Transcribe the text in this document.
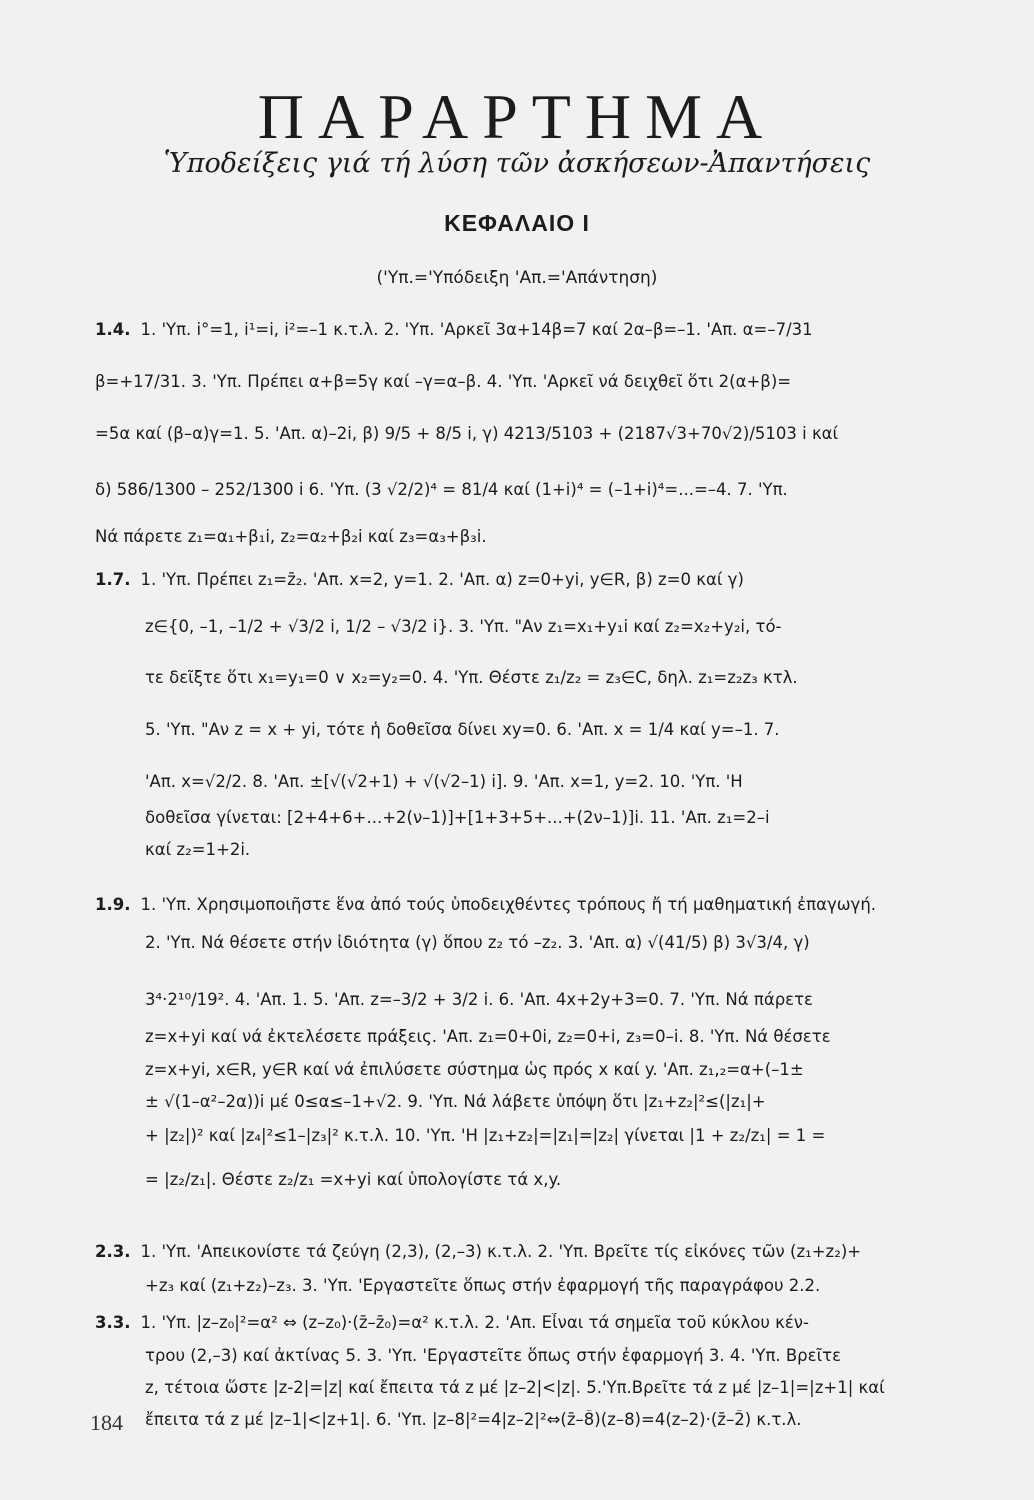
ΠΑΡΑΡΤΗΜΑ
Ὑποδείξεις γιά τή λύση τῶν ἀσκήσεων-Ἀπαντήσεις
ΚΕΦΑΛΑΙΟ Ι
('Υπ.='Υπόδειξη 'Απ.='Απάντηση)
1.4. 1. 'Υπ. i°=1, i¹=i, i²=–1 κ.τ.λ. 2. 'Υπ. 'Αρκεῖ 3α+14β=7 καί 2α–β=–1. 'Απ. α=–7/31
β=+17/31. 3. 'Υπ. Πρέπει α+β=5γ καί –γ=α–β. 4. 'Υπ. 'Αρκεῖ νά δειχθεῖ ὅτι 2(α+β)=
=5α καί (β–α)γ=1. 5. 'Απ. α)–2i, β) 9/5 + 8/5 i, γ) 4213/5103 + (2187√3+70√2)/5103 i καί
δ) 586/1300 – 252/1300 i 6. 'Υπ. (3 √2/2)⁴ = 81/4 καί (1+i)⁴ = (–1+i)⁴=...=–4. 7. 'Υπ.
Νά πάρετε z₁=α₁+β₁i, z₂=α₂+β₂i καί z₃=α₃+β₃i.
1.7. 1. 'Υπ. Πρέπει z₁=z̄₂. 'Απ. x=2, y=1. 2. 'Απ. α) z=0+yi, y∈R, β) z=0 καί γ)
z∈{0, –1, –1/2 + √3/2 i, 1/2 – √3/2 i}. 3. 'Υπ. "Αν z₁=x₁+y₁i καί z₂=x₂+y₂i, τό-
τε δεῖξτε ὅτι x₁=y₁=0 ∨ x₂=y₂=0. 4. 'Υπ. Θέστε z₁/z₂ = z₃∈C, δηλ. z₁=z₂z₃ κτλ.
5. 'Υπ. "Αν z = x + yi, τότε ἡ δοθεῖσα δίνει xy=0. 6. 'Απ. x = 1/4 καί y=–1. 7.
'Απ. x=√2/2. 8. 'Απ. ±[√(√2+1) + √(√2–1) i]. 9. 'Απ. x=1, y=2. 10. 'Υπ. 'Η
δοθεῖσα γίνεται: [2+4+6+...+2(ν–1)]+[1+3+5+...+(2ν–1)]i. 11. 'Απ. z₁=2–i
καί z₂=1+2i.
1.9. 1. 'Υπ. Χρησιμοποιῆστε ἕνα ἀπό τούς ὑποδειχθέντες τρόπους ἤ τή μαθηματική ἐπαγωγή.
2. 'Υπ. Νά θέσετε στήν ἰδιότητα (γ) ὅπου z₂ τό –z₂. 3. 'Απ. α) √(41/5) β) 3√3/4, γ)
3⁴·2¹⁰/19². 4. 'Απ. 1. 5. 'Απ. z=–3/2 + 3/2 i. 6. 'Απ. 4x+2y+3=0. 7. 'Υπ. Νά πάρετε
z=x+yi καί νά ἐκτελέσετε πράξεις. 'Απ. z₁=0+0i, z₂=0+i, z₃=0–i. 8. 'Υπ. Νά θέσετε
z=x+yi, x∈R, y∈R καί νά ἐπιλύσετε σύστημα ὡς πρός x καί y. 'Απ. z₁,₂=α+(–1±
± √(1–α²–2α))i μέ 0≤α≤–1+√2. 9. 'Υπ. Νά λάβετε ὑπόψη ὅτι |z₁+z₂|²≤(|z₁|+
+ |z₂|)² καί |z₄|²≤1–|z₃|² κ.τ.λ. 10. 'Υπ. 'Η |z₁+z₂|=|z₁|=|z₂| γίνεται |1 + z₂/z₁| = 1 =
= |z₂/z₁|. Θέστε z₂/z₁ =x+yi καί ὑπολογίστε τά x,y.
2.3. 1. 'Υπ. 'Απεικονίστε τά ζεύγη (2,3), (2,–3) κ.τ.λ. 2. 'Υπ. Βρεῖτε τίς εἰκόνες τῶν (z₁+z₂)+
+z₃ καί (z₁+z₂)–z₃. 3. 'Υπ. 'Εργαστεῖτε ὅπως στήν ἐφαρμογή τῆς παραγράφου 2.2.
3.3. 1. 'Υπ. |z–z₀|²=α² ⇔ (z–z₀)·(z̄–z̄₀)=α² κ.τ.λ. 2. 'Απ. Εἶναι τά σημεῖα τοῦ κύκλου κέν-
τρου (2,–3) καί ἀκτίνας 5. 3. 'Υπ. 'Εργαστεῖτε ὅπως στήν ἐφαρμογή 3. 4. 'Υπ. Βρεῖτε
z, τέτοια ὥστε |z-2|=|z| καί ἔπειτα τά z μέ |z–2|<|z|. 5.'Υπ.Βρεῖτε τά z μέ |z–1|=|z+1| καί
ἔπειτα τά z μέ |z–1|<|z+1|. 6. 'Υπ. |z–8|²=4|z–2|²⇔(z̄–8̄)(z–8)=4(z–2)·(z̄–2̄) κ.τ.λ.
184
